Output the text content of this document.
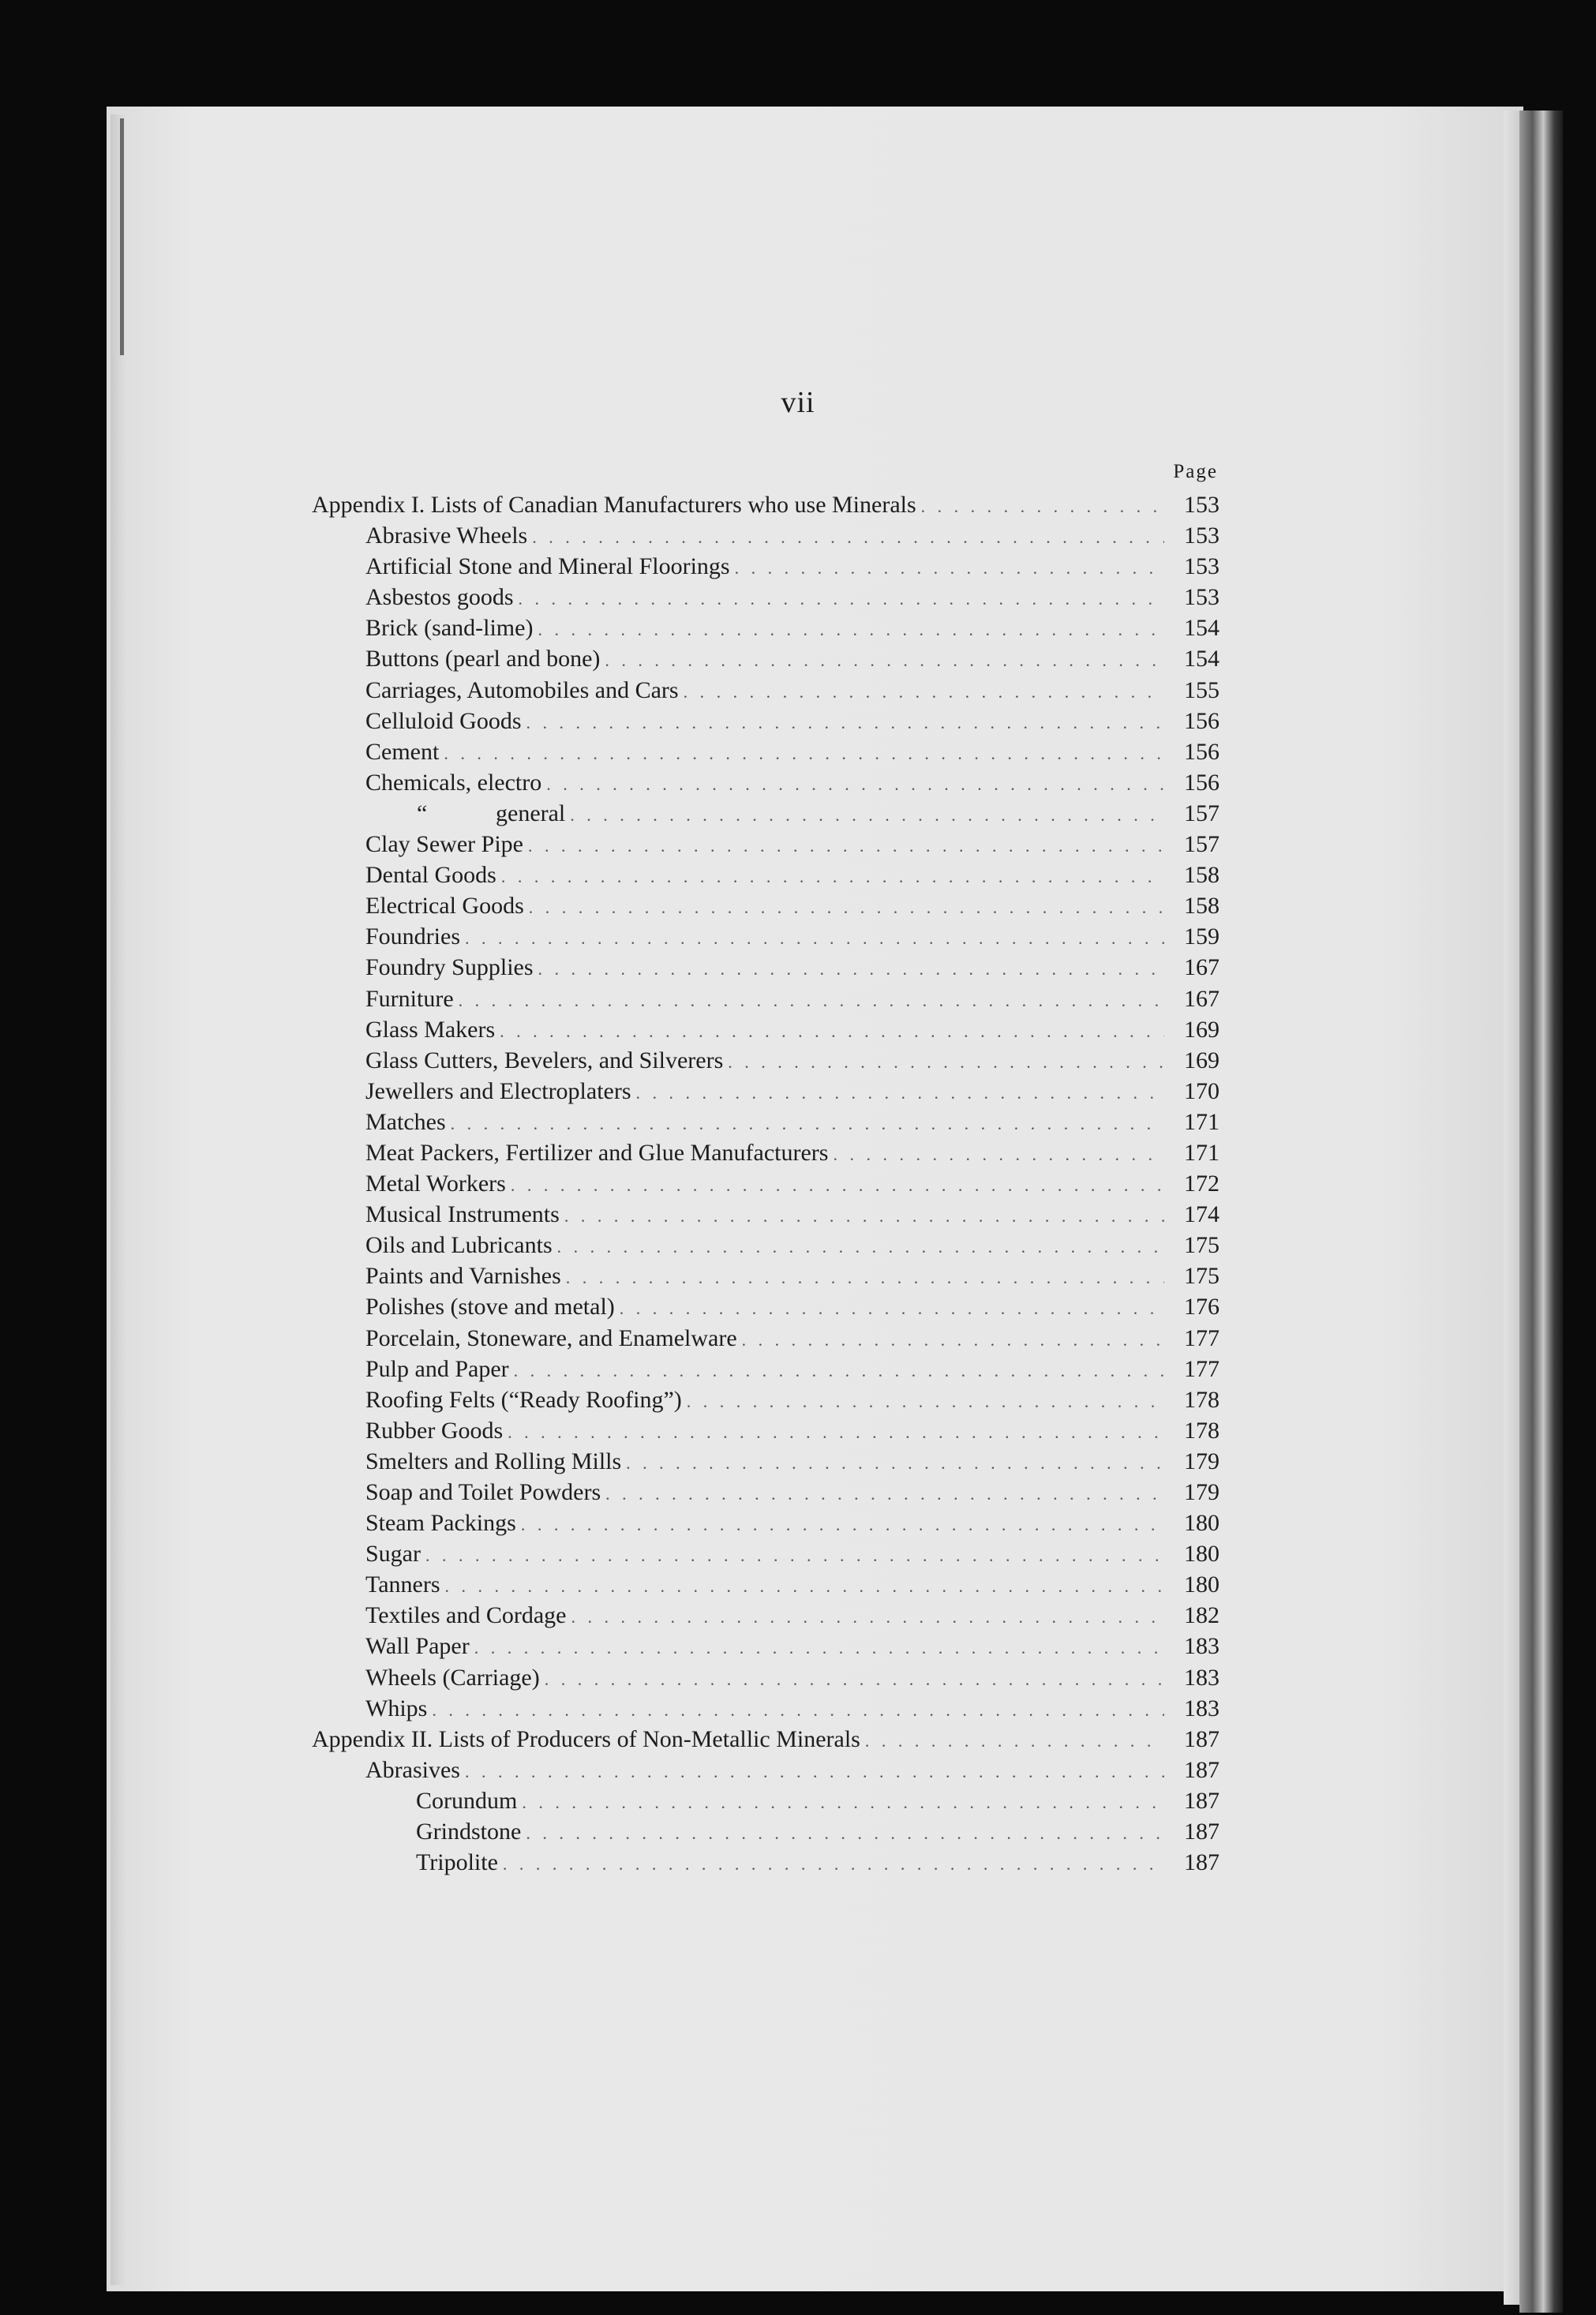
vii
Page
Appendix I. Lists of Canadian Manufacturers who use Minerals . . .	153
Abrasive Wheels . . .	153
Artificial Stone and Mineral Floorings . . .	153
Asbestos goods . . .	153
Brick (sand-lime) . . .	154
Buttons (pearl and bone) . . .	154
Carriages, Automobiles and Cars . . .	155
Celluloid Goods . . .	156
Cement . . .	156
Chemicals, electro . . .	156
“	general . . .	157
Clay Sewer Pipe . . .	157
Dental Goods . . .	158
Electrical Goods . . .	158
Foundries . . .	159
Foundry Supplies . . .	167
Furniture . . .	167
Glass Makers . . .	169
Glass Cutters, Bevelers, and Silverers . . .	169
Jewellers and Electroplaters . . .	170
Matches . . .	171
Meat Packers, Fertilizer and Glue Manufacturers . . .	171
Metal Workers . . .	172
Musical Instruments . . .	174
Oils and Lubricants . . .	175
Paints and Varnishes . . .	175
Polishes (stove and metal) . . .	176
Porcelain, Stoneware, and Enamelware . . .	177
Pulp and Paper . . .	177
Roofing Felts (“Ready Roofing”) . . .	178
Rubber Goods . . .	178
Smelters and Rolling Mills . . .	179
Soap and Toilet Powders . . .	179
Steam Packings . . .	180
Sugar . . .	180
Tanners . . .	180
Textiles and Cordage . . .	182
Wall Paper . . .	183
Wheels (Carriage) . . .	183
Whips . . .	183
Appendix II. Lists of Producers of Non-Metallic Minerals . . .	187
Abrasives . . .	187
Corundum . . .	187
Grindstone . . .	187
Tripolite . . .	187
